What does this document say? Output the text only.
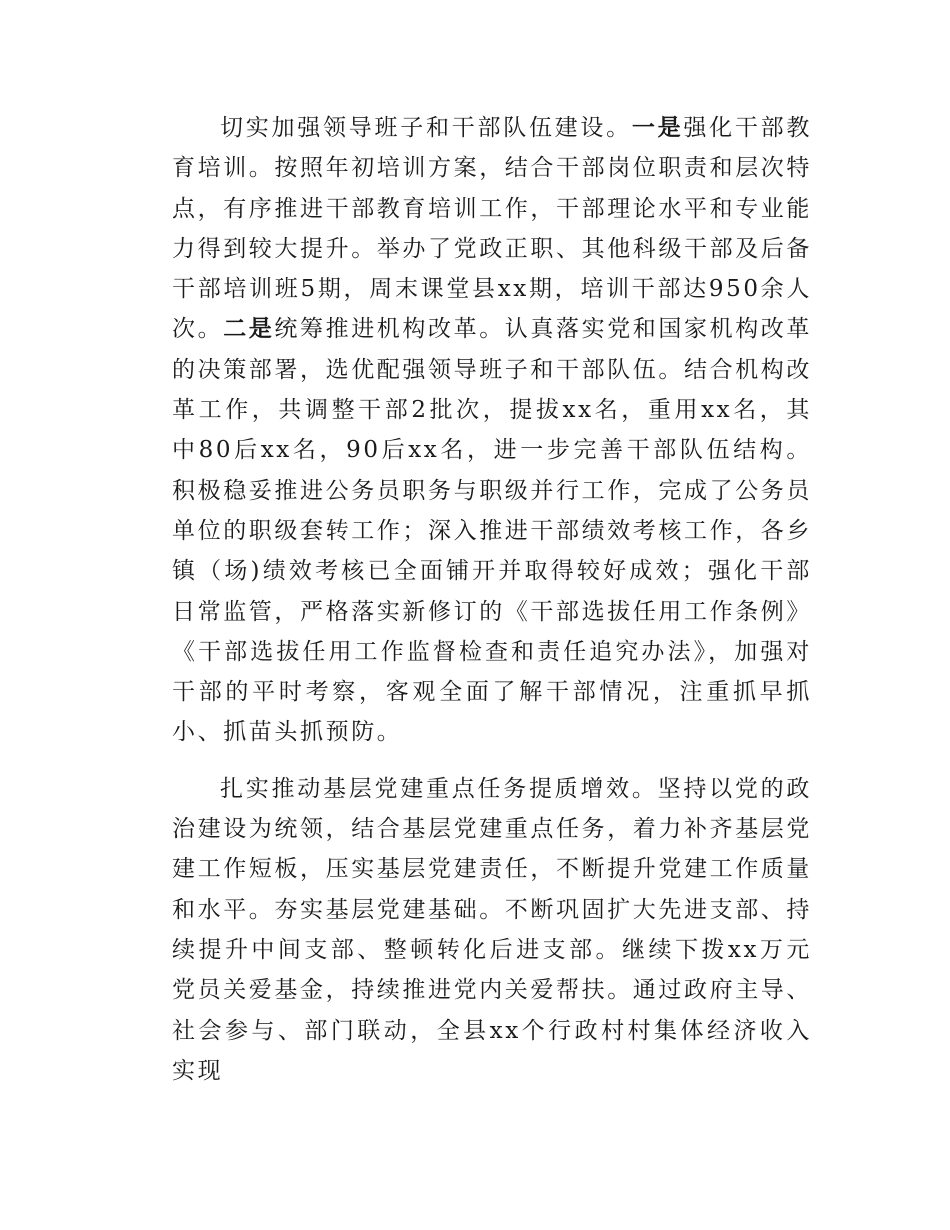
切实加强领导班子和干部队伍建设。一是强化干部教育培训。按照年初培训方案，结合干部岗位职责和层次特点，有序推进干部教育培训工作，干部理论水平和专业能力得到较大提升。举办了党政正职、其他科级干部及后备干部培训班5期，周末课堂县xx期，培训干部达950余人次。二是统筹推进机构改革。认真落实党和国家机构改革的决策部署，选优配强领导班子和干部队伍。结合机构改革工作，共调整干部2批次，提拔xx名，重用xx名，其中80后xx名，90后xx名，进一步完善干部队伍结构。积极稳妥推进公务员职务与职级并行工作，完成了公务员单位的职级套转工作；深入推进干部绩效考核工作，各乡镇（场)绩效考核已全面铺开并取得较好成效；强化干部日常监管，严格落实新修订的《干部选拔任用工作条例》《干部选拔任用工作监督检查和责任追究办法》，加强对干部的平时考察，客观全面了解干部情况，注重抓早抓小、抓苗头抓预防。

扎实推动基层党建重点任务提质增效。坚持以党的政治建设为统领，结合基层党建重点任务，着力补齐基层党建工作短板，压实基层党建责任，不断提升党建工作质量和水平。夯实基层党建基础。不断巩固扩大先进支部、持续提升中间支部、整顿转化后进支部。继续下拨xx万元党员关爱基金，持续推进党内关爱帮扶。通过政府主导、社会参与、部门联动，全县xx个行政村村集体经济收入实现
